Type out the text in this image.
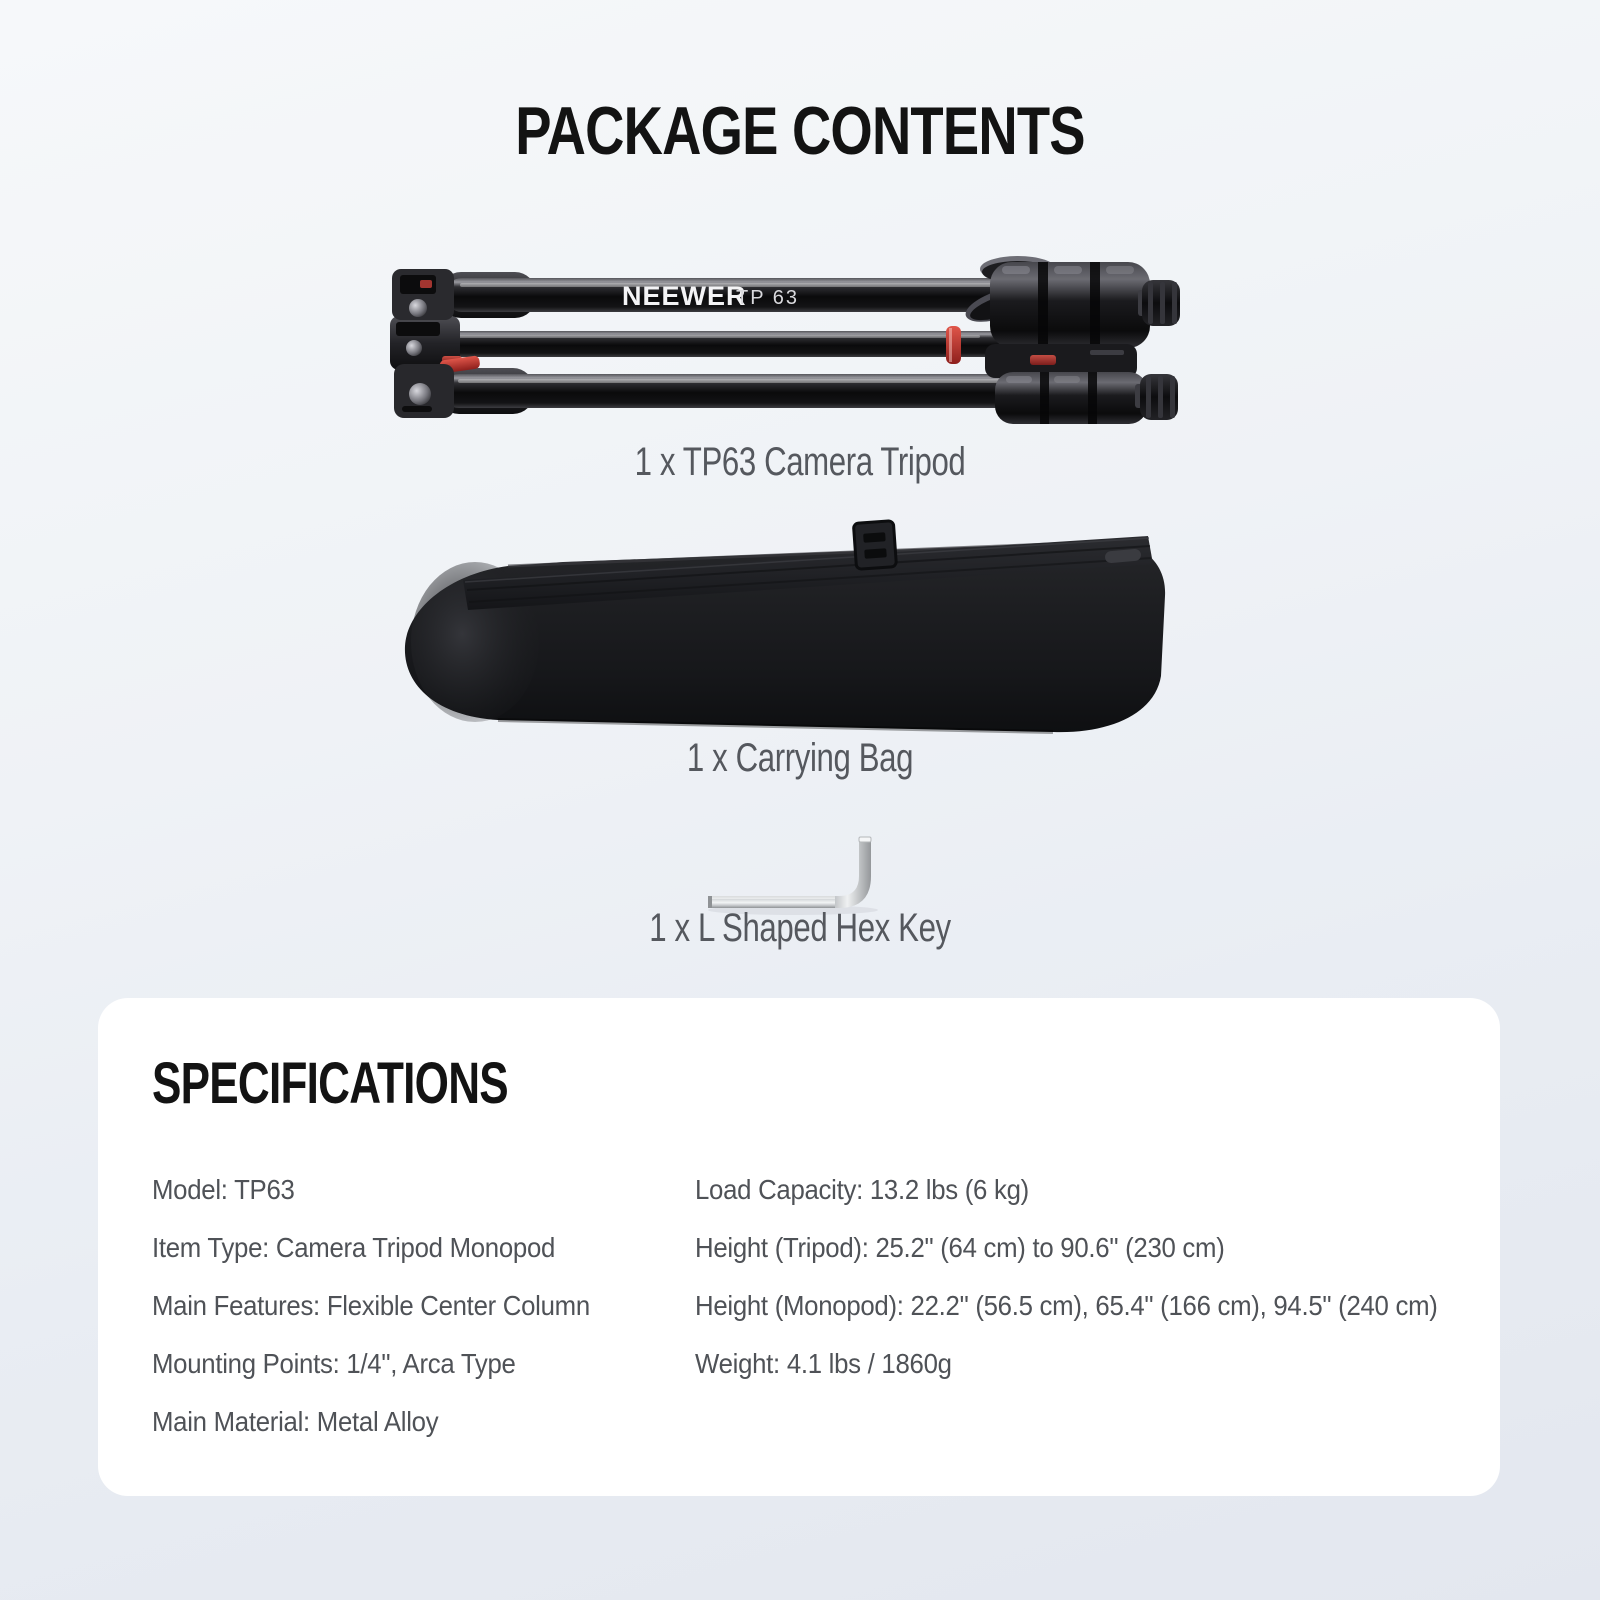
PACKAGE CONTENTS
NEEWER
TP 63
1 x TP63 Camera Tripod
1 x Carrying Bag
1 x L Shaped Hex Key
SPECIFICATIONS

Model: TP63

Item Type: Camera Tripod Monopod

Main Features: Flexible Center Column

Mounting Points: 1/4", Arca Type

Main Material: Metal Alloy

Load Capacity: 13.2 lbs (6 kg)

Height (Tripod): 25.2" (64 cm) to 90.6" (230 cm)

Height (Monopod): 22.2" (56.5 cm), 65.4" (166 cm), 94.5" (240 cm)

Weight: 4.1 lbs / 1860g
